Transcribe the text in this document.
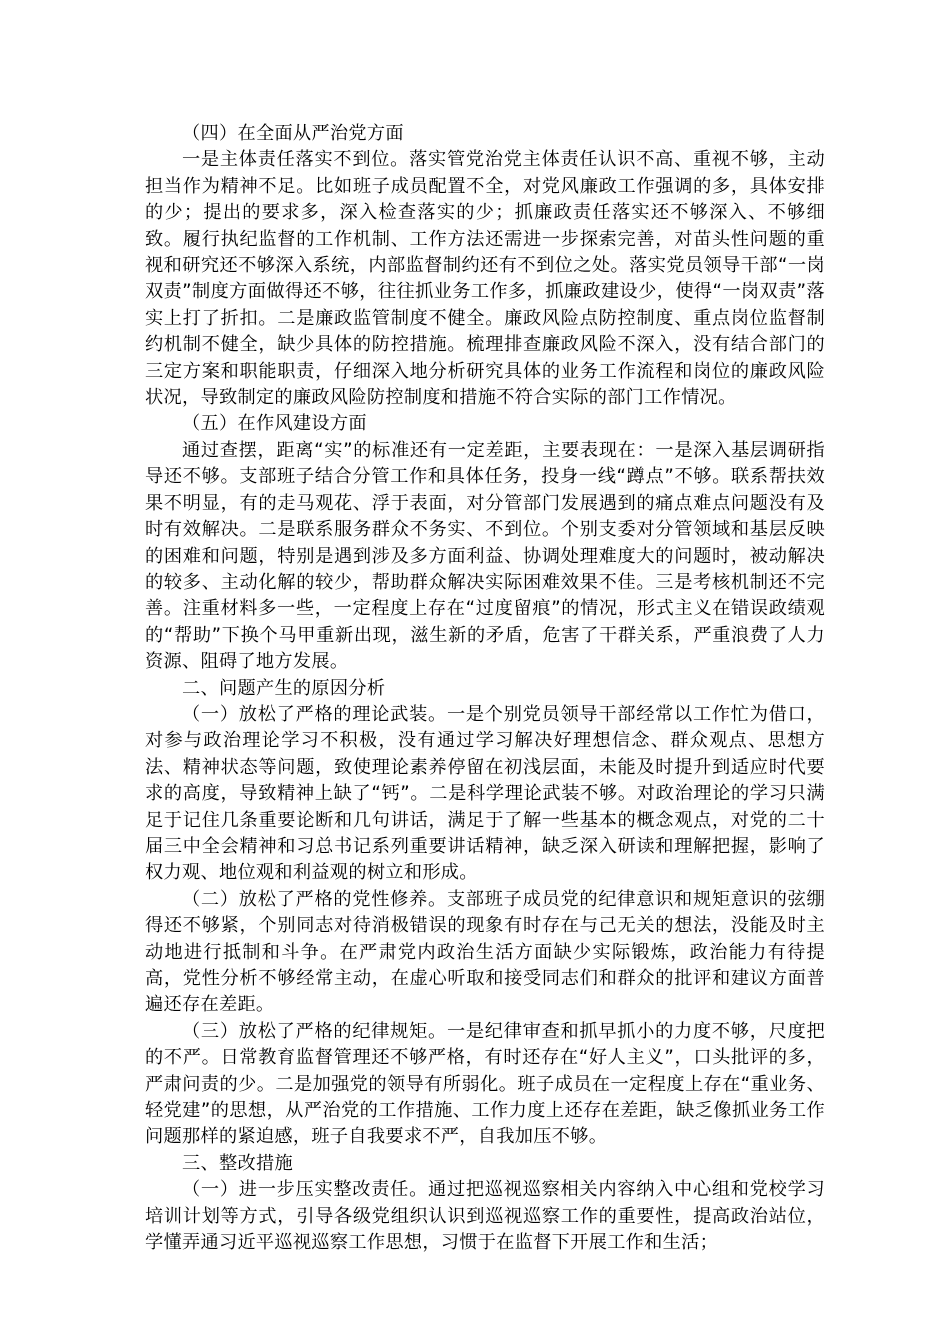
（四）在全面从严治党方面

一是主体责任落实不到位。落实管党治党主体责任认识不高、重视不够，主动担当作为精神不足。比如班子成员配置不全，对党风廉政工作强调的多，具体安排的少；提出的要求多，深入检查落实的少；抓廉政责任落实还不够深入、不够细致。履行执纪监督的工作机制、工作方法还需进一步探索完善，对苗头性问题的重视和研究还不够深入系统，内部监督制约还有不到位之处。落实党员领导干部“一岗双责”制度方面做得还不够，往往抓业务工作多，抓廉政建设少，使得“一岗双责”落实上打了折扣。二是廉政监管制度不健全。廉政风险点防控制度、重点岗位监督制约机制不健全，缺少具体的防控措施。梳理排查廉政风险不深入，没有结合部门的三定方案和职能职责，仔细深入地分析研究具体的业务工作流程和岗位的廉政风险状况，导致制定的廉政风险防控制度和措施不符合实际的部门工作情况。

（五）在作风建设方面

通过查摆，距离“实”的标准还有一定差距，主要表现在：一是深入基层调研指导还不够。支部班子结合分管工作和具体任务，投身一线“蹲点”不够。联系帮扶效果不明显，有的走马观花、浮于表面，对分管部门发展遇到的痛点难点问题没有及时有效解决。二是联系服务群众不务实、不到位。个别支委对分管领域和基层反映的困难和问题，特别是遇到涉及多方面利益、协调处理难度大的问题时，被动解决的较多、主动化解的较少，帮助群众解决实际困难效果不佳。三是考核机制还不完善。注重材料多一些，一定程度上存在“过度留痕”的情况，形式主义在错误政绩观的“帮助”下换个马甲重新出现，滋生新的矛盾，危害了干群关系，严重浪费了人力资源、阻碍了地方发展。

二、问题产生的原因分析

（一）放松了严格的理论武装。一是个别党员领导干部经常以工作忙为借口，对参与政治理论学习不积极，没有通过学习解决好理想信念、群众观点、思想方法、精神状态等问题，致使理论素养停留在初浅层面，未能及时提升到适应时代要求的高度，导致精神上缺了“钙”。二是科学理论武装不够。对政治理论的学习只满足于记住几条重要论断和几句讲话，满足于了解一些基本的概念观点，对党的二十届三中全会精神和习总书记系列重要讲话精神，缺乏深入研读和理解把握，影响了权力观、地位观和利益观的树立和形成。

（二）放松了严格的党性修养。支部班子成员党的纪律意识和规矩意识的弦绷得还不够紧，个别同志对待消极错误的现象有时存在与己无关的想法，没能及时主动地进行抵制和斗争。在严肃党内政治生活方面缺少实际锻炼，政治能力有待提高，党性分析不够经常主动，在虚心听取和接受同志们和群众的批评和建议方面普遍还存在差距。

（三）放松了严格的纪律规矩。一是纪律审查和抓早抓小的力度不够，尺度把的不严。日常教育监督管理还不够严格，有时还存在“好人主义”，口头批评的多，严肃问责的少。二是加强党的领导有所弱化。班子成员在一定程度上存在“重业务、轻党建”的思想，从严治党的工作措施、工作力度上还存在差距，缺乏像抓业务工作问题那样的紧迫感，班子自我要求不严，自我加压不够。

三、整改措施

（一）进一步压实整改责任。通过把巡视巡察相关内容纳入中心组和党校学习培训计划等方式，引导各级党组织认识到巡视巡察工作的重要性，提高政治站位，学懂弄通习近平巡视巡察工作思想，习惯于在监督下开展工作和生活；
